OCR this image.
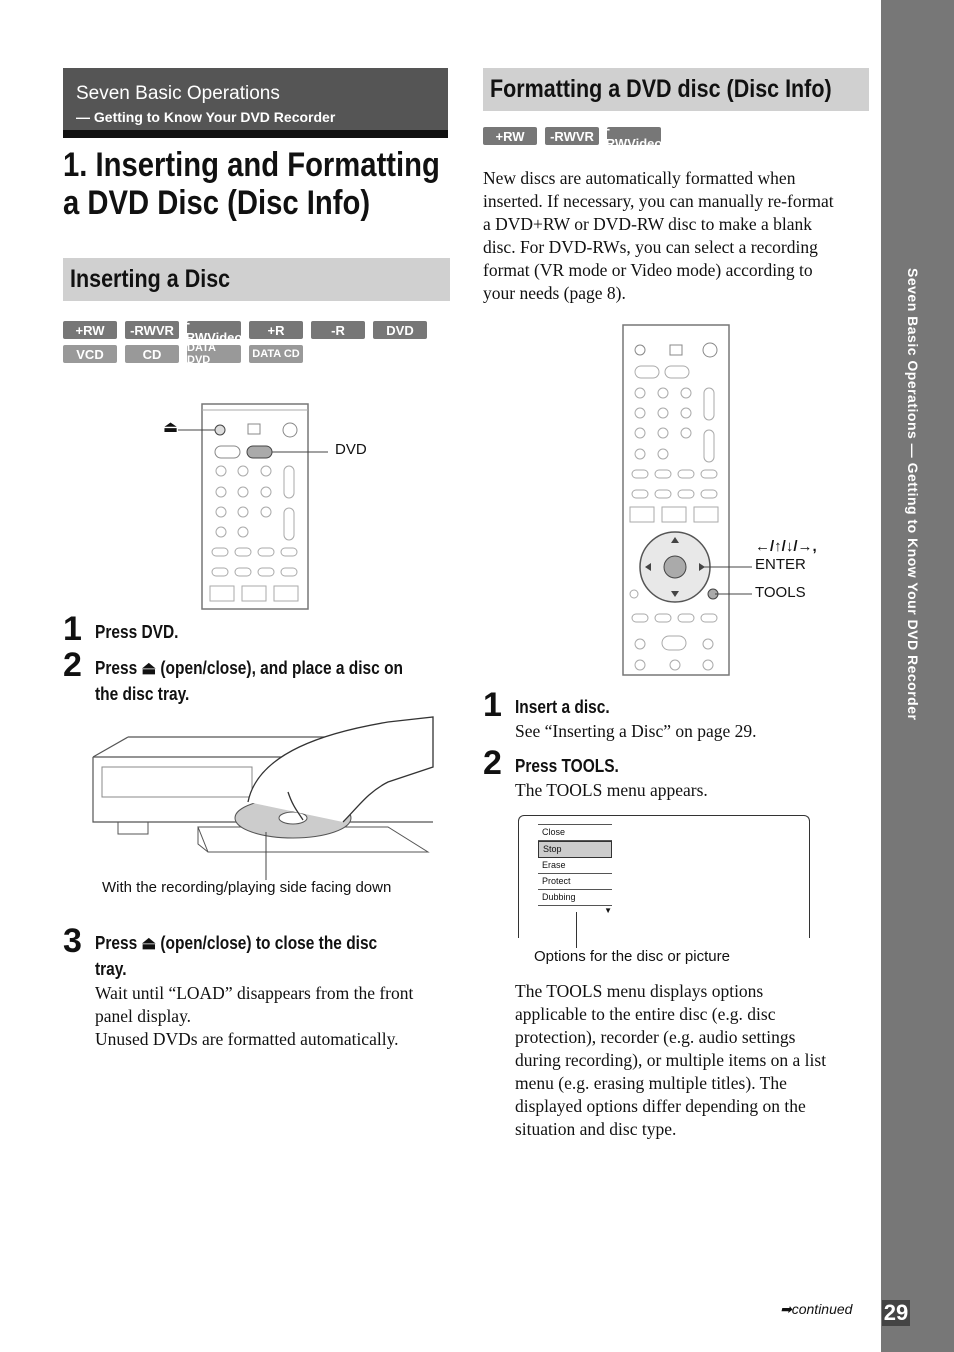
Seven Basic Operations — Getting to Know Your DVD Recorder
29
➡continued
Seven Basic Operations
— Getting to Know Your DVD Recorder
1. Inserting and Formatting
a DVD Disc (Disc Info)
Inserting a Disc
+RW	-RWVR -RWVideo	+R	-R	DVD
VCD	CD	DATA DVD	DATA CD
⏏
DVD
1 Press DVD.
2 Press ⏏ (open/close), and place a disc on
the disc tray.
With the recording/playing side facing down
3 Press ⏏ (open/close) to close the disc
tray.
Wait until “LOAD” disappears from the front
panel display.
Unused DVDs are formatted automatically.
Formatting a DVD disc (Disc Info)
+RW	-RWVR -RWVideo
New discs are automatically formatted when
inserted. If necessary, you can manually re-format
a DVD+RW or DVD-RW disc to make a blank
disc. For DVD-RWs, you can select a recording
format (VR mode or Video mode) according to
your needs (page 8).
←/↑/↓/→,
ENTER
TOOLS
1 Insert a disc.
See “Inserting a Disc” on page 29.
2 Press TOOLS.
The TOOLS menu appears.
Close
Stop
Erase
Protect
Dubbing
▼
Options for the disc or picture
The TOOLS menu displays options
applicable to the entire disc (e.g. disc
protection), recorder (e.g. audio settings
during recording), or multiple items on a list
menu (e.g. erasing multiple titles). The
displayed options differ depending on the
situation and disc type.
